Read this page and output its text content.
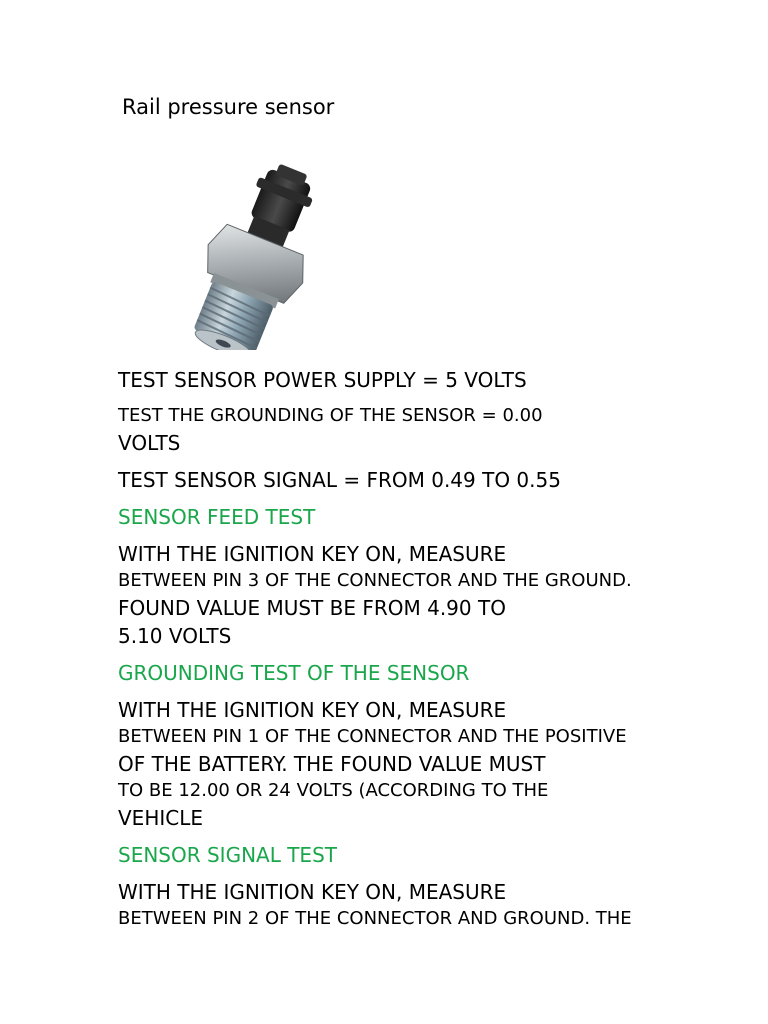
Rail pressure sensor
TEST SENSOR POWER SUPPLY = 5 VOLTS
TEST THE GROUNDING OF THE SENSOR = 0.00
VOLTS
TEST SENSOR SIGNAL = FROM 0.49 TO 0.55
SENSOR FEED TEST
WITH THE IGNITION KEY ON, MEASURE
BETWEEN PIN 3 OF THE CONNECTOR AND THE GROUND.
FOUND VALUE MUST BE FROM 4.90 TO
5.10 VOLTS
GROUNDING TEST OF THE SENSOR
WITH THE IGNITION KEY ON, MEASURE
BETWEEN PIN 1 OF THE CONNECTOR AND THE POSITIVE
OF THE BATTERY. THE FOUND VALUE MUST
TO BE 12.00 OR 24 VOLTS (ACCORDING TO THE
VEHICLE
SENSOR SIGNAL TEST
WITH THE IGNITION KEY ON, MEASURE
BETWEEN PIN 2 OF THE CONNECTOR AND GROUND. THE
